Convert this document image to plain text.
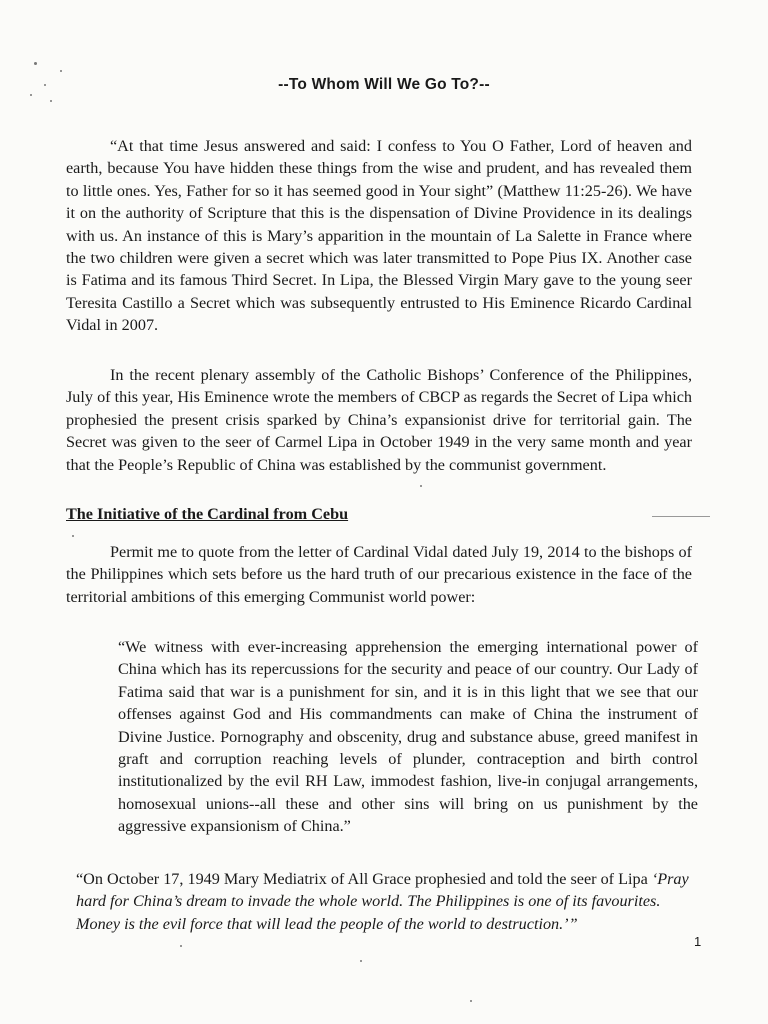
--To Whom Will We Go To?--

“At that time Jesus answered and said: I confess to You O Father, Lord of heaven and earth, because You have hidden these things from the wise and prudent, and has revealed them to little ones. Yes, Father for so it has seemed good in Your sight” (Matthew 11:25-26). We have it on the authority of Scripture that this is the dispensation of Divine Providence in its dealings with us. An instance of this is Mary’s apparition in the mountain of La Salette in France where the two children were given a secret which was later transmitted to Pope Pius IX. Another case is Fatima and its famous Third Secret. In Lipa, the Blessed Virgin Mary gave to the young seer Teresita Castillo a Secret which was subsequently entrusted to His Eminence Ricardo Cardinal Vidal in 2007.

In the recent plenary assembly of the Catholic Bishops’ Conference of the Philippines, July of this year, His Eminence wrote the members of CBCP as regards the Secret of Lipa which prophesied the present crisis sparked by China’s expansionist drive for territorial gain. The Secret was given to the seer of Carmel Lipa in October 1949 in the very same month and year that the People’s Republic of China was established by the communist government.

The Initiative of the Cardinal from Cebu

Permit me to quote from the letter of Cardinal Vidal dated July 19, 2014 to the bishops of the Philippines which sets before us the hard truth of our precarious existence in the face of the territorial ambitions of this emerging Communist world power:

“We witness with ever-increasing apprehension the emerging international power of China which has its repercussions for the security and peace of our country. Our Lady of Fatima said that war is a punishment for sin, and it is in this light that we see that our offenses against God and His commandments can make of China the instrument of Divine Justice. Pornography and obscenity, drug and substance abuse, greed manifest in graft and corruption reaching levels of plunder, contraception and birth control institutionalized by the evil RH Law, immodest fashion, live-in conjugal arrangements, homosexual unions--all these and other sins will bring on us punishment by the aggressive expansionism of China.”

“On October 17, 1949 Mary Mediatrix of All Grace prophesied and told the seer of Lipa ‘Pray hard for China’s dream to invade the whole world. The Philippines is one of its favourites. Money is the evil force that will lead the people of the world to destruction.’”

1
